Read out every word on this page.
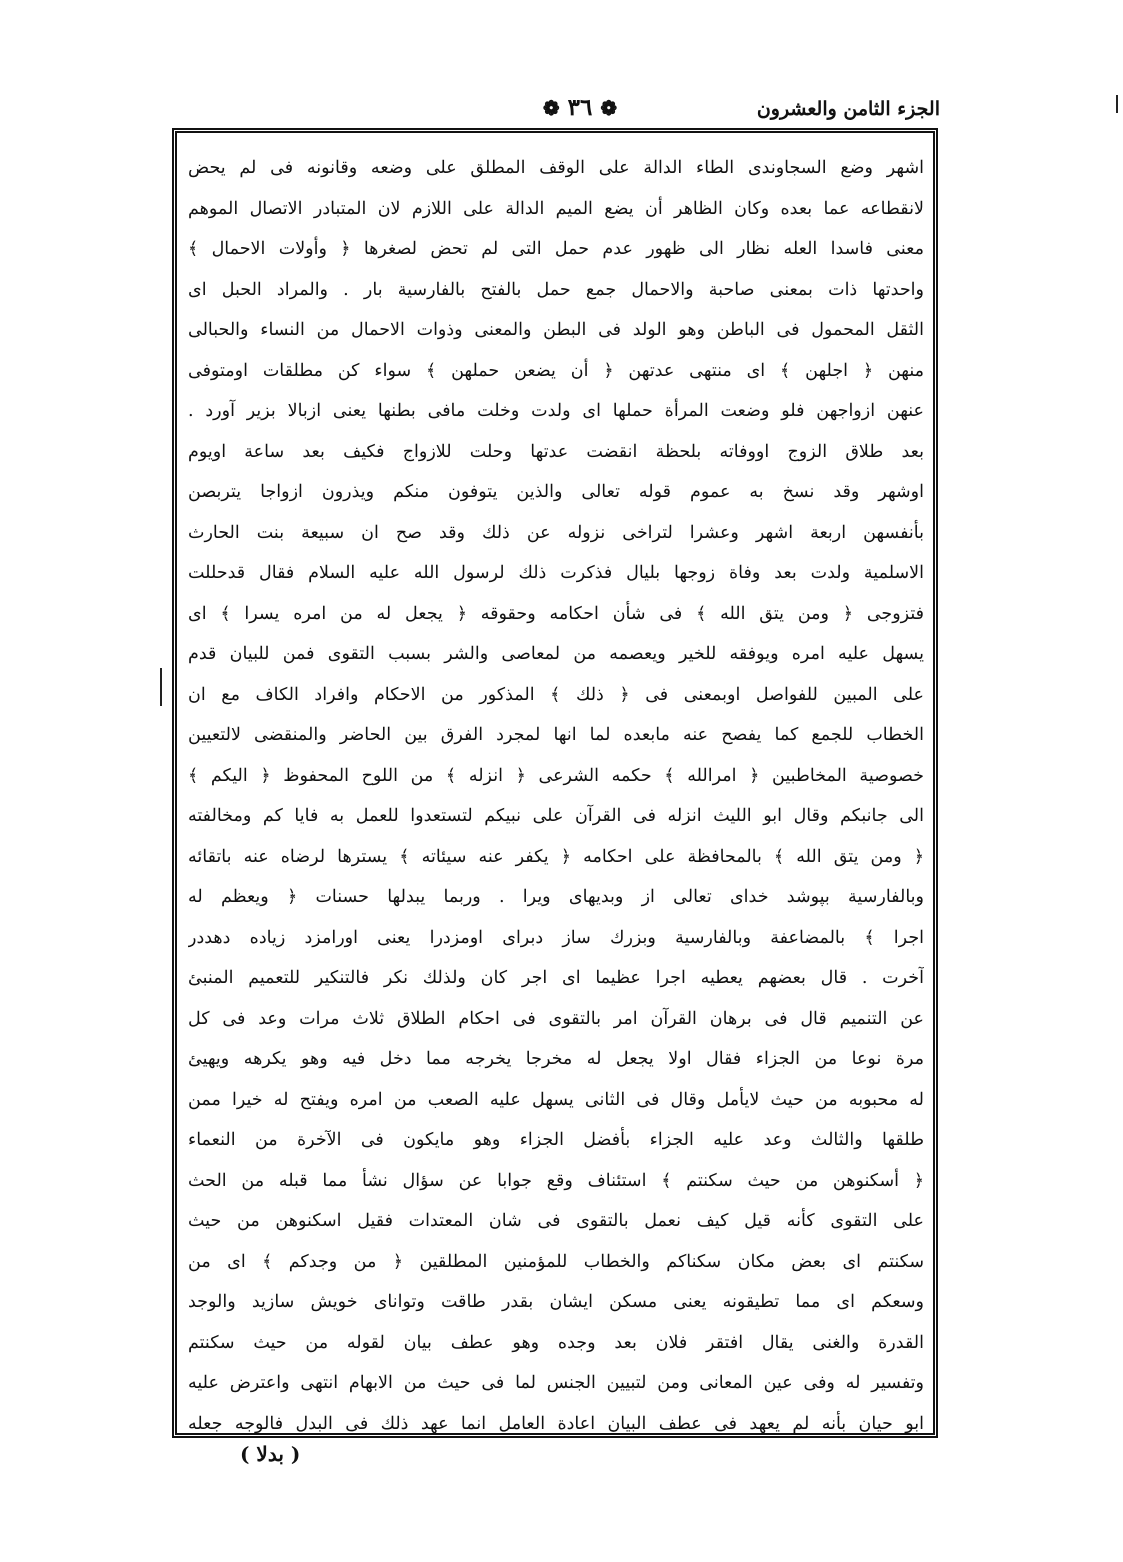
الجزء الثامن والعشرون
❁ ٣٦ ❁
اشهر وضع السجاوندى الطاء الدالة على الوقف المطلق على وضعه وقانونه فى لم يحض
لانقطاعه عما بعده وكان الظاهر أن يضع الميم الدالة على اللازم لان المتبادر الاتصال الموهم
معنى فاسدا العله نظار الى ظهور عدم حمل التى لم تحض لصغرها ﴿ وأولات الاحمال ﴾
واحدتها ذات بمعنى صاحبة والاحمال جمع حمل بالفتح بالفارسية بار . والمراد الحبل اى
الثقل المحمول فى الباطن وهو الولد فى البطن والمعنى وذوات الاحمال من النساء والحبالى
منهن ﴿ اجلهن ﴾ اى منتهى عدتهن ﴿ أن يضعن حملهن ﴾ سواء كن مطلقات اومتوفى
عنهن ازواجهن فلو وضعت المرأة حملها اى ولدت وخلت مافى بطنها يعنى ازبالا بزير آورد .
بعد طلاق الزوج اووفاته بلحظة انقضت عدتها وحلت للازواج فكيف بعد ساعة اويوم
اوشهر وقد نسخ به عموم قوله تعالى والذين يتوفون منكم ويذرون ازواجا يتربصن
بأنفسهن اربعة اشهر وعشرا لتراخى نزوله عن ذلك وقد صح ان سبيعة بنت الحارث
الاسلمية ولدت بعد وفاة زوجها بليال فذكرت ذلك لرسول الله عليه السلام فقال قدحللت
فتزوجى ﴿ ومن يتق الله ﴾ فى شأن احكامه وحقوقه ﴿ يجعل له من امره يسرا ﴾ اى
يسهل عليه امره ويوفقه للخير ويعصمه من لمعاصى والشر بسبب التقوى فمن للبيان قدم
على المبين للفواصل اوبمعنى فى ﴿ ذلك ﴾ المذكور من الاحكام وافراد الكاف مع ان
الخطاب للجمع كما يفصح عنه مابعده لما انها لمجرد الفرق بين الحاضر والمنقضى لالتعيين
خصوصية المخاطبين ﴿ امرالله ﴾ حكمه الشرعى ﴿ انزله ﴾ من اللوح المحفوظ ﴿ اليكم ﴾
الى جانبكم وقال ابو الليث انزله فى القرآن على نبيكم لتستعدوا للعمل به فايا كم ومخالفته
﴿ ومن يتق الله ﴾ بالمحافظة على احكامه ﴿ يكفر عنه سيئاته ﴾ يسترها لرضاه عنه باتقائه
وبالفارسية بپوشد خداى تعالى از وبديهاى ويرا . وربما يبدلها حسنات ﴿ ويعظم له
اجرا ﴾ بالمضاعفة وبالفارسية وبزرك ساز دبراى اومزدرا يعنى اورامزد زياده دهددر
آخرت . قال بعضهم يعطيه اجرا عظيما اى اجر كان ولذلك نكر فالتنكير للتعميم المنبئ
عن التنميم قال فى برهان القرآن امر بالتقوى فى احكام الطلاق ثلاث مرات وعد فى كل
مرة نوعا من الجزاء فقال اولا يجعل له مخرجا يخرجه مما دخل فيه وهو يكرهه ويهيئ
له محبوبه من حيث لايأمل وقال فى الثانى يسهل عليه الصعب من امره ويفتح له خيرا ممن
طلقها والثالث وعد عليه الجزاء بأفضل الجزاء وهو مايكون فى الآخرة من النعماء
﴿ أسكنوهن من حيث سكنتم ﴾ استئناف وقع جوابا عن سؤال نشأ مما قبله من الحث
على التقوى كأنه قيل كيف نعمل بالتقوى فى شان المعتدات فقيل اسكنوهن من حيث
سكنتم اى بعض مكان سكناكم والخطاب للمؤمنين المطلقين ﴿ من وجدكم ﴾ اى من
وسعكم اى مما تطيقونه يعنى مسكن ايشان بقدر طاقت وتواناى خويش سازيد والوجد
القدرة والغنى يقال افتقر فلان بعد وجده وهو عطف بيان لقوله من حيث سكنتم
وتفسير له وفى عين المعانى ومن لتبيين الجنس لما فى حيث من الابهام انتهى واعترض عليه
ابو حيان بأنه لم يعهد فى عطف البيان اعادة العامل انما عهد ذلك فى البدل فالوجه جعله
( بدلا )
